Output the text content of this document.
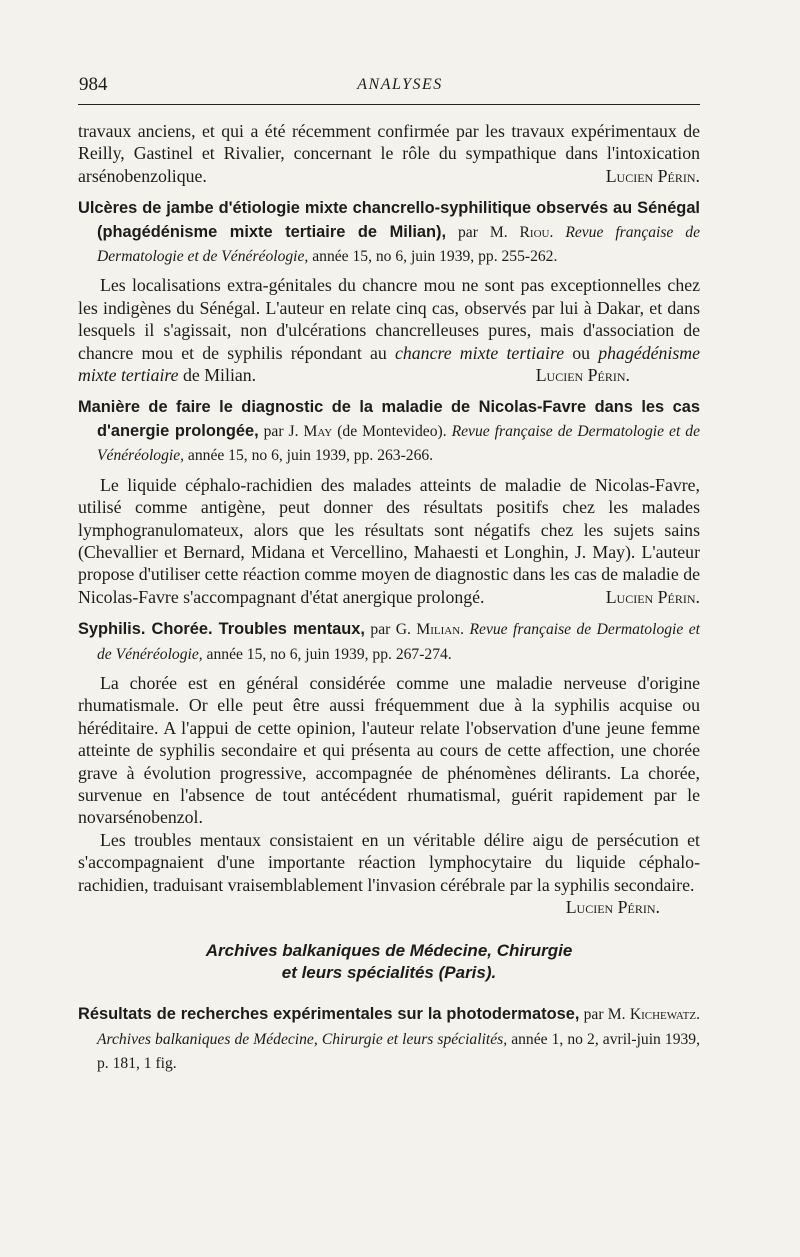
984	ANALYSES

travaux anciens, et qui a été récemment confirmée par les travaux expérimentaux de Reilly, Gastinel et Rivalier, concernant le rôle du sympathique dans l'intoxication arsénobenzolique.	Lucien Périn.

Ulcères de jambe d'étiologie mixte chancrello-syphilitique observés au Sénégal (phagédénisme mixte tertiaire de Milian), par M. Riou. Revue française de Dermatologie et de Vénéréologie, année 15, no 6, juin 1939, pp. 255-262.

Les localisations extra-génitales du chancre mou ne sont pas exceptionnelles chez les indigènes du Sénégal. L'auteur en relate cinq cas, observés par lui à Dakar, et dans lesquels il s'agissait, non d'ulcérations chancrelleuses pures, mais d'association de chancre mou et de syphilis répondant au chancre mixte tertiaire ou phagédénisme mixte tertiaire de Milian.	Lucien Périn.

Manière de faire le diagnostic de la maladie de Nicolas-Favre dans les cas d'anergie prolongée, par J. May (de Montevideo). Revue française de Dermatologie et de Vénéréologie, année 15, no 6, juin 1939, pp. 263-266.

Le liquide céphalo-rachidien des malades atteints de maladie de Nicolas-Favre, utilisé comme antigène, peut donner des résultats positifs chez les malades lymphogranulomateux, alors que les résultats sont négatifs chez les sujets sains (Chevallier et Bernard, Midana et Vercellino, Mahaesti et Longhin, J. May). L'auteur propose d'utiliser cette réaction comme moyen de diagnostic dans les cas de maladie de Nicolas-Favre s'accompagnant d'état anergique prolongé.	Lucien Périn.

Syphilis. Chorée. Troubles mentaux, par G. Milian. Revue française de Dermatologie et de Vénéréologie, année 15, no 6, juin 1939, pp. 267-274.

La chorée est en général considérée comme une maladie nerveuse d'origine rhumatismale. Or elle peut être aussi fréquemment due à la syphilis acquise ou héréditaire. A l'appui de cette opinion, l'auteur relate l'observation d'une jeune femme atteinte de syphilis secondaire et qui présenta au cours de cette affection, une chorée grave à évolution progressive, accompagnée de phénomènes délirants. La chorée, survenue en l'absence de tout antécédent rhumatismal, guérit rapidement par le novarsénobenzol.

Les troubles mentaux consistaient en un véritable délire aigu de persécution et s'accompagnaient d'une importante réaction lymphocytaire du liquide céphalo-rachidien, traduisant vraisemblablement l'invasion cérébrale par la syphilis secondaire.
Lucien Périn.

Archives balkaniques de Médecine, Chirurgie
et leurs spécialités (Paris).

Résultats de recherches expérimentales sur la photodermatose, par M. Kichewatz. Archives balkaniques de Médecine, Chirurgie et leurs spécialités, année 1, no 2, avril-juin 1939, p. 181, 1 fig.
